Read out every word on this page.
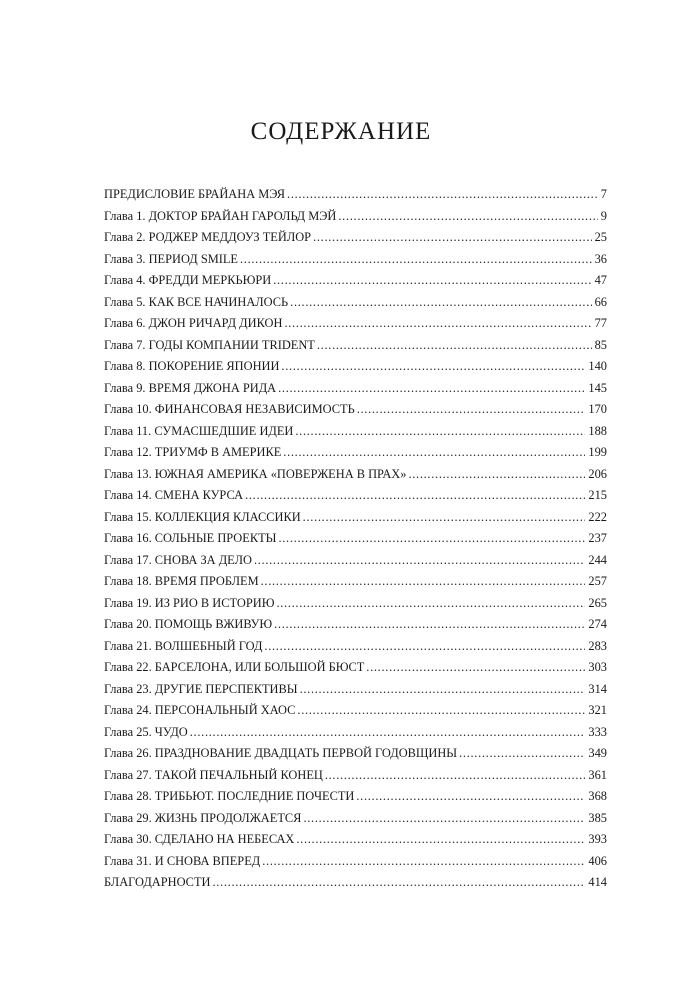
СОДЕРЖАНИЕ
ПРЕДИСЛОВИЕ БРАЙАНА МЭЯ . . .	7
Глава 1. ДОКТОР БРАЙАН ГАРОЛЬД МЭЙ . . .	9
Глава 2. РОДЖЕР МЕДДОУЗ ТЕЙЛОР . . .	25
Глава 3. ПЕРИОД SMILE . . .	36
Глава 4. ФРЕДДИ МЕРКЬЮРИ . . .	47
Глава 5. КАК ВСЕ НАЧИНАЛОСЬ . . .	66
Глава 6. ДЖОН РИЧАРД ДИКОН . . .	77
Глава 7. ГОДЫ КОМПАНИИ TRIDENT . . .	85
Глава 8. ПОКОРЕНИЕ ЯПОНИИ . . .	140
Глава 9. ВРЕМЯ ДЖОНА РИДА . . .	145
Глава 10. ФИНАНСОВАЯ НЕЗАВИСИМОСТЬ . . .	170
Глава 11. СУМАСШЕДШИЕ ИДЕИ . . .	188
Глава 12. ТРИУМФ В АМЕРИКЕ . . .	199
Глава 13. ЮЖНАЯ АМЕРИКА «ПОВЕРЖЕНА В ПРАХ» . . .	206
Глава 14. СМЕНА КУРСА . . .	215
Глава 15. КОЛЛЕКЦИЯ КЛАССИКИ . . .	222
Глава 16. СОЛЬНЫЕ ПРОЕКТЫ . . .	237
Глава 17. СНОВА ЗА ДЕЛО . . .	244
Глава 18. ВРЕМЯ ПРОБЛЕМ . . .	257
Глава 19. ИЗ РИО В ИСТОРИЮ . . .	265
Глава 20. ПОМОЩЬ ВЖИВУЮ . . .	274
Глава 21. ВОЛШЕБНЫЙ ГОД . . .	283
Глава 22. БАРСЕЛОНА, ИЛИ БОЛЬШОЙ БЮСТ . . .	303
Глава 23. ДРУГИЕ ПЕРСПЕКТИВЫ . . .	314
Глава 24. ПЕРСОНАЛЬНЫЙ ХАОС . . .	321
Глава 25. ЧУДО . . .	333
Глава 26. ПРАЗДНОВАНИЕ ДВАДЦАТЬ ПЕРВОЙ ГОДОВЩИНЫ . . .	349
Глава 27. ТАКОЙ ПЕЧАЛЬНЫЙ КОНЕЦ . . .	361
Глава 28. ТРИБЬЮТ. ПОСЛЕДНИЕ ПОЧЕСТИ . . .	368
Глава 29. ЖИЗНЬ ПРОДОЛЖАЕТСЯ . . .	385
Глава 30. СДЕЛАНО НА НЕБЕСАХ . . .	393
Глава 31. И СНОВА ВПЕРЕД . . .	406
БЛАГОДАРНОСТИ . . .	414
